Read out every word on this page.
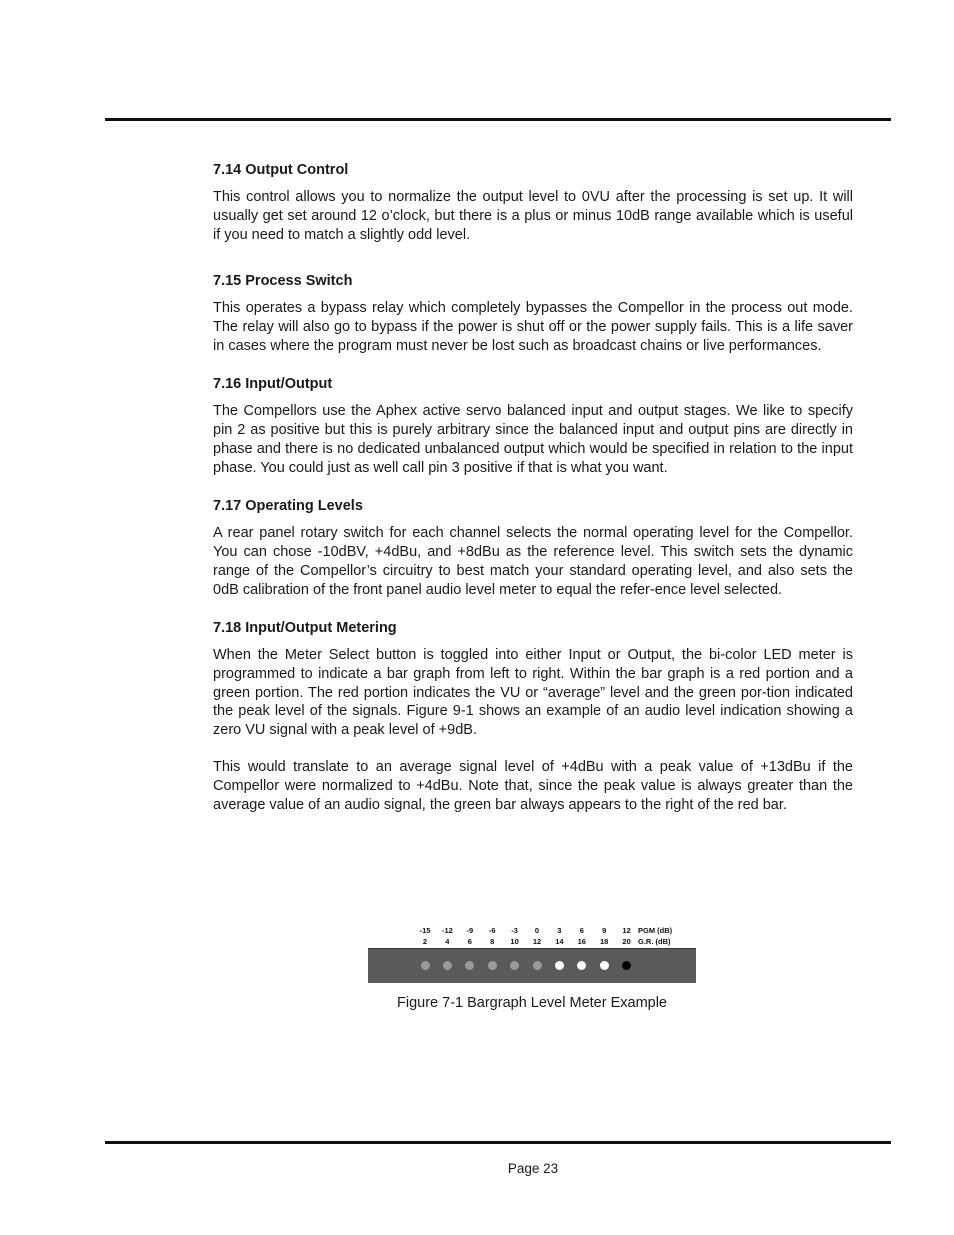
7.14 Output Control

This control allows you to normalize the output level to 0VU after the processing is set up. It will usually get set around 12 o’clock, but there is a plus or minus 10dB range available which is useful if you need to match a slightly odd level.

7.15 Process Switch

This operates a bypass relay which completely bypasses the Compellor in the process out mode. The relay will also go to bypass if the power is shut off or the power supply fails. This is a life saver in cases where the program must never be lost such as broadcast chains or live performances.

7.16 Input/Output

The Compellors use the Aphex active servo balanced input and output stages. We like to specify pin 2 as positive but this is purely arbitrary since the balanced input and output pins are directly in phase and there is no dedicated unbalanced output which would be specified in relation to the input phase. You could just as well call pin 3 positive if that is what you want.

7.17 Operating Levels

A rear panel rotary switch for each channel selects the normal operating level for the Compellor. You can chose -10dBV, +4dBu, and +8dBu as the reference level. This switch sets the dynamic range of the Compellor’s circuitry to best match your standard operating level, and also sets the 0dB calibration of the front panel audio level meter to equal the refer-ence level selected.

7.18 Input/Output Metering

When the Meter Select button is toggled into either Input or Output, the bi-color LED meter is programmed to indicate a bar graph from left to right. Within the bar graph is a red portion and a green portion. The red portion indicates the VU or “average” level and the green por-tion indicated the peak level of the signals. Figure 9-1 shows an example of an audio level indication showing a zero VU signal with a peak level of +9dB.

This would translate to an average signal level of +4dBu with a peak value of +13dBu if the Compellor were normalized to +4dBu. Note that, since the peak value is always greater than the average value of an audio signal, the green bar always appears to the right of the red bar.

PGM (dB)
G.R. (dB)
-15
2
-12
4
-9
6
-6
8
-3
10
0
12
3
14
6
16
9
18
12
20
Figure 7-1 Bargraph Level Meter Example
Page 23
